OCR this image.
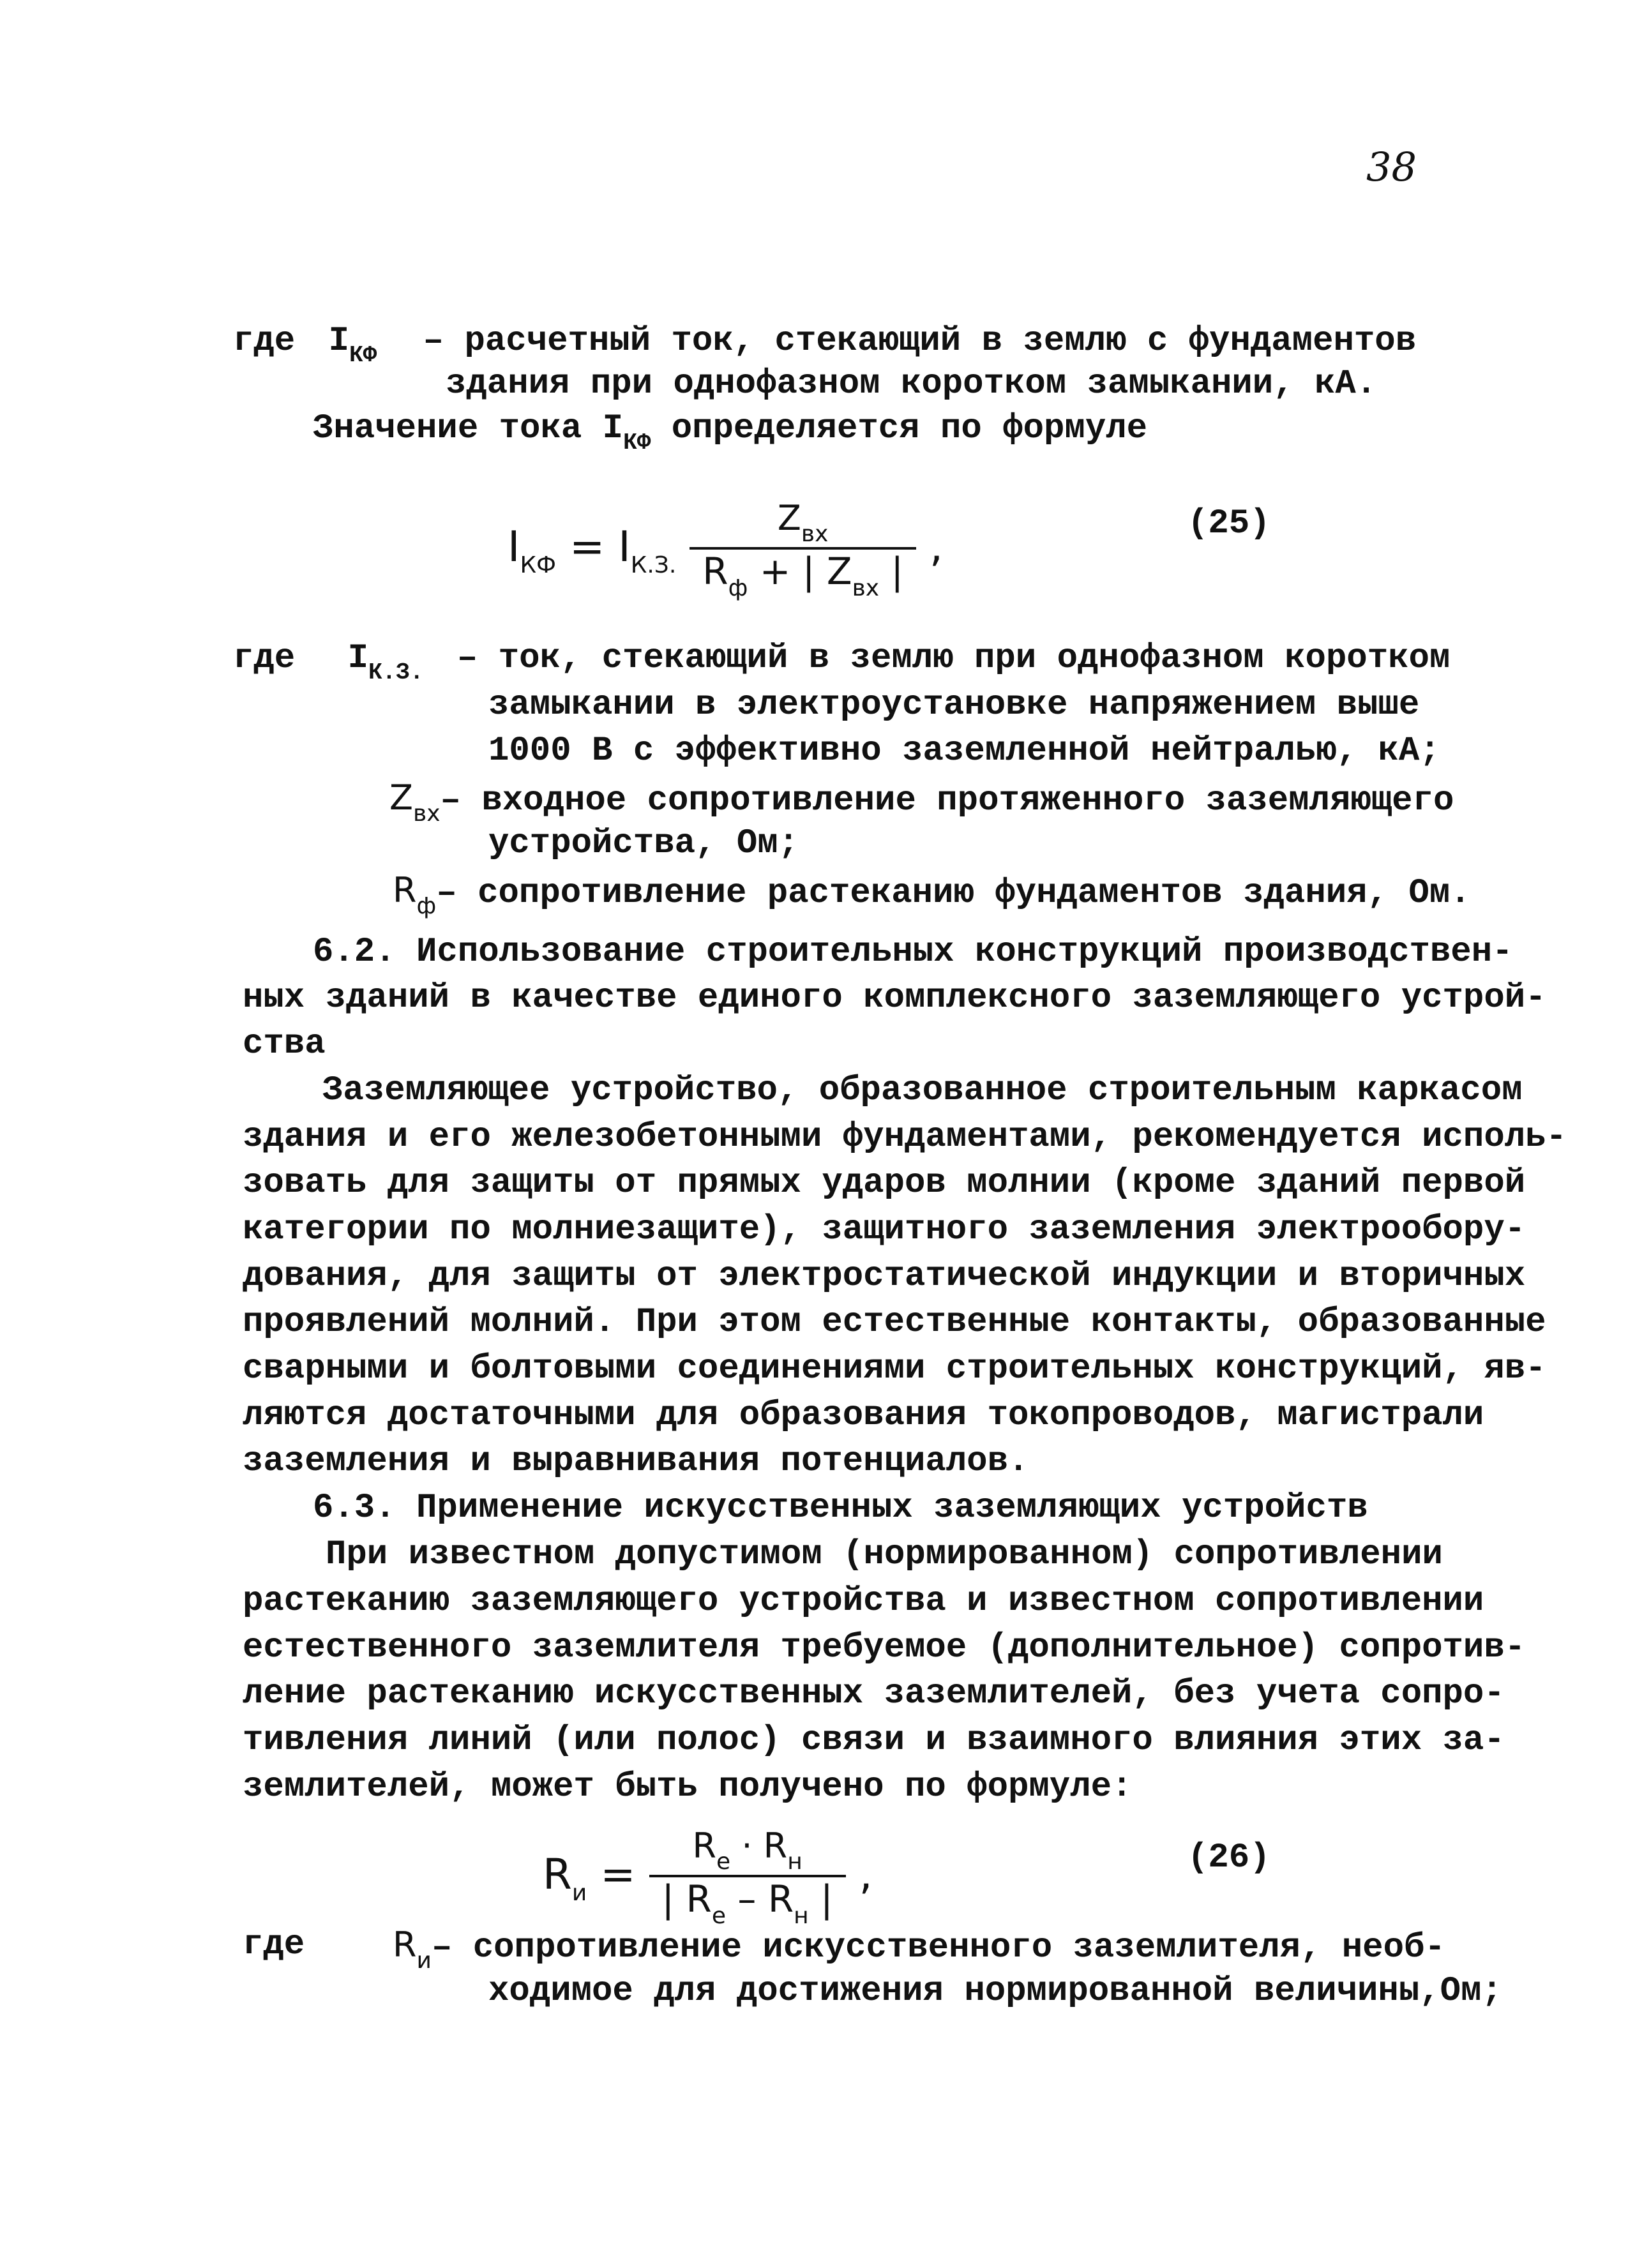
38
где $I_{КФ}$ – расчетный ток, стекающий в землю с фундаментов
здания при однофазном коротком замыкании, кА.
Значение тока $I_{КФ}$ определяется по формуле
$I_{КФ} = I_{К.З.} \frac{Z_{вх}}{R_ф + | Z_{вх} |}$ ,	(25)
где $I_{К.З.}$ – ток, стекающий в землю при однофазном коротком
замыкании в электроустановке напряжением выше
1000 В с эффективно заземленной нейтралью, кА;
$Z_{вх}-$ входное сопротивление протяженного заземляющего
устройства, Ом;
$R_ф-$ сопротивление растеканию фундаментов здания, Ом.
6.2. Использование строительных конструкций производствен-
ных зданий в качестве единого комплексного заземляющего устрой-
ства
Заземляющее устройство, образованное строительным каркасом
здания и его железобетонными фундаментами, рекомендуется исполь-
зовать для защиты от прямых ударов молнии (кроме зданий первой
категории по молниезащите), защитного заземления электрообору-
дования, для защиты от электростатической индукции и вторичных
проявлений молний. При этом естественные контакты, образованные
сварными и болтовыми соединениями строительных конструкций, яв-
ляются достаточными для образования токопроводов, магистрали
заземления и выравнивания потенциалов.
6.3. Применение искусственных заземляющих устройств
При известном допустимом (нормированном) сопротивлении
растеканию заземляющего устройства и известном сопротивлении
естественного заземлителя требуемое (дополнительное) сопротив-
ление растеканию искусственных заземлителей, без учета сопро-
тивления линий (или полос) связи и взаимного влияния этих за-
землителей, может быть получено по формуле:
$R_и = \frac{R_е \cdot R_н}{| R_е - R_н |}$ ,	(26)
где	$R_и-$ сопротивление искусственного заземлителя, необ-
ходимое для достижения нормированной величины,Ом;
